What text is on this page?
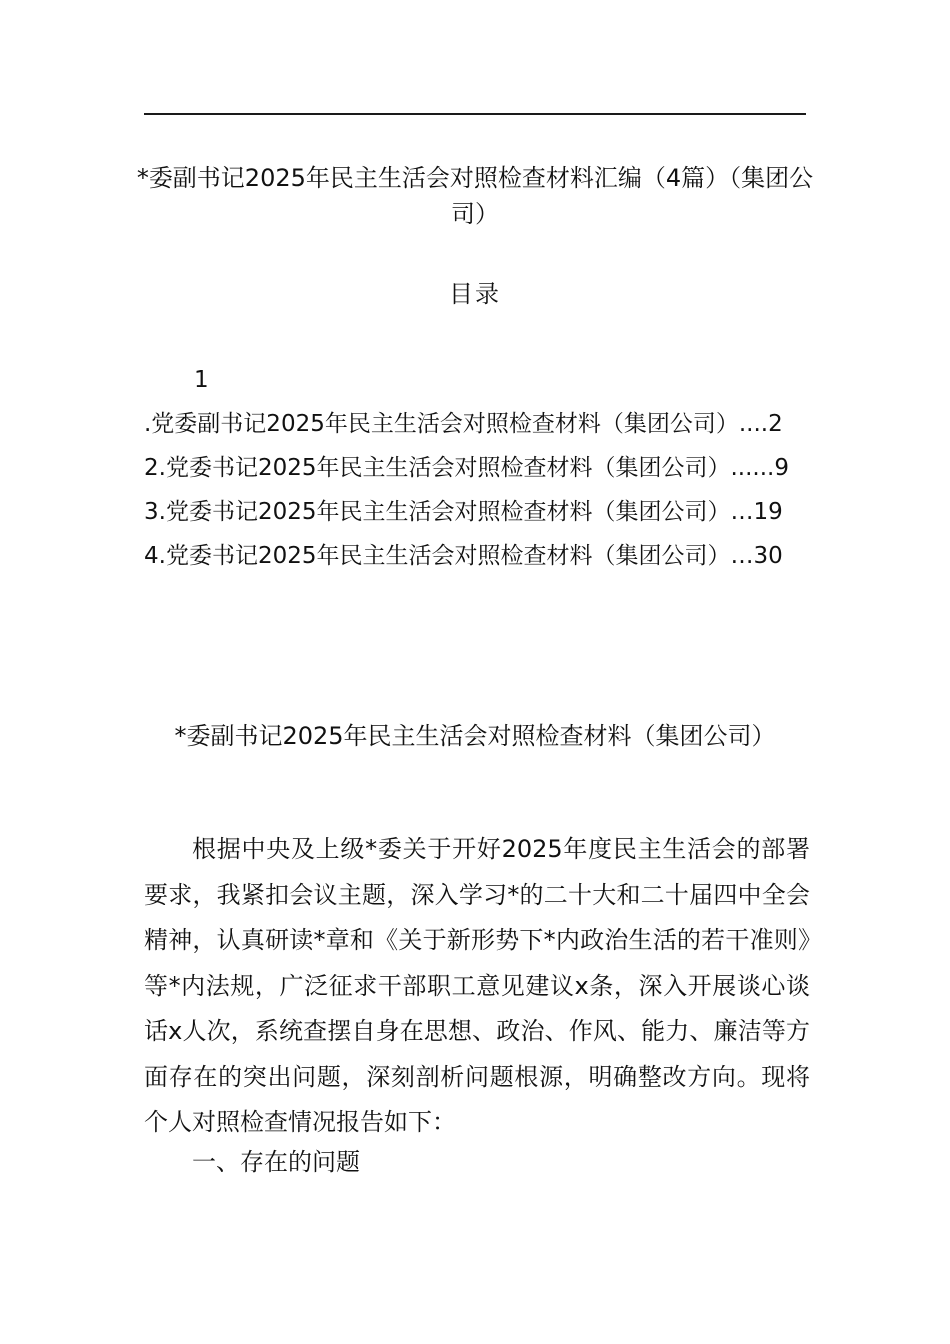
*委副书记2025年民主生活会对照检查材料汇编（4篇）（集团公司）
目录
1
.党委副书记2025年民主生活会对照检查材料（集团公司）....2
2.党委书记2025年民主生活会对照检查材料（集团公司）......9
3.党委书记2025年民主生活会对照检查材料（集团公司）…19
4.党委书记2025年民主生活会对照检查材料（集团公司）…30
*委副书记2025年民主生活会对照检查材料（集团公司）
根据中央及上级*委关于开好2025年度民主生活会的部署要求，我紧扣会议主题，深入学习*的二十大和二十届四中全会精神，认真研读*章和《关于新形势下*内政治生活的若干准则》等*内法规，广泛征求干部职工意见建议x条，深入开展谈心谈话x人次，系统查摆自身在思想、政治、作风、能力、廉洁等方面存在的突出问题，深刻剖析问题根源，明确整改方向。现将个人对照检查情况报告如下：
一、存在的问题
